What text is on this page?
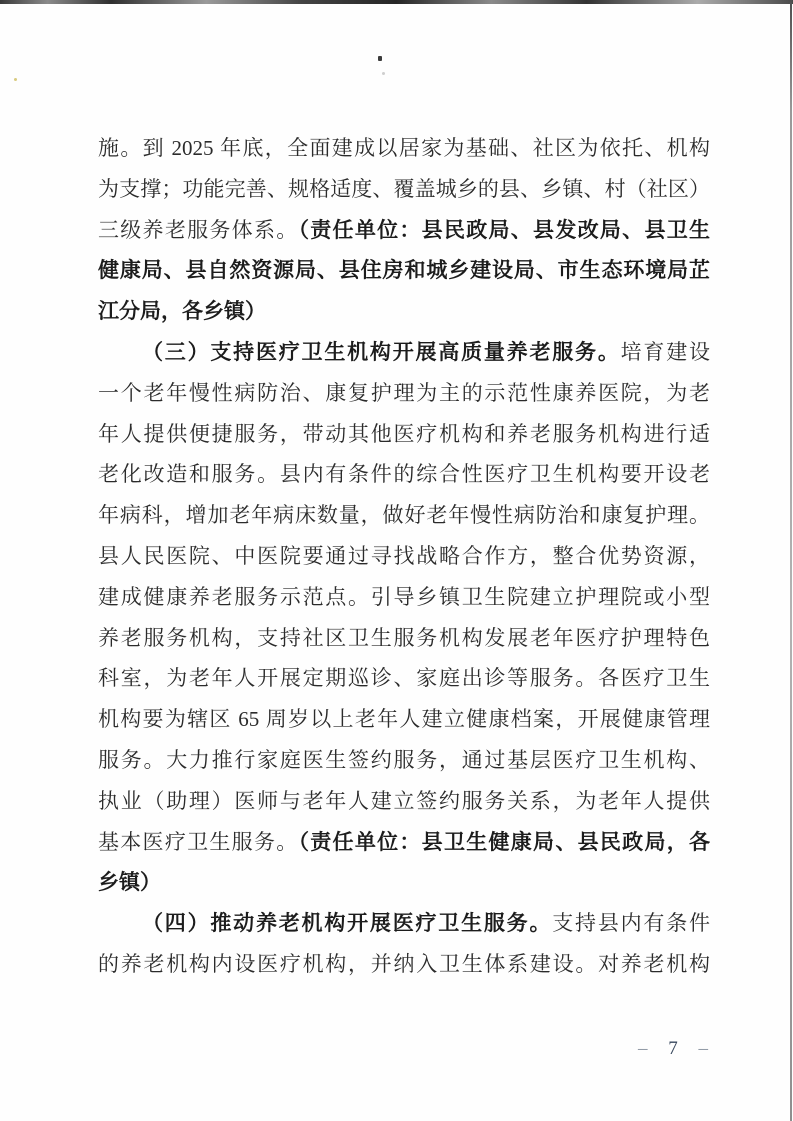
施。到 2025 年底，全面建成以居家为基础、社区为依托、机构
为支撑；功能完善、规格适度、覆盖城乡的县、乡镇、村（社区）
三级养老服务体系。（责任单位：县民政局、县发改局、县卫生
健康局、县自然资源局、县住房和城乡建设局、市生态环境局芷
江分局，各乡镇）
（三）支持医疗卫生机构开展高质量养老服务。培育建设
一个老年慢性病防治、康复护理为主的示范性康养医院，为老
年人提供便捷服务，带动其他医疗机构和养老服务机构进行适
老化改造和服务。县内有条件的综合性医疗卫生机构要开设老
年病科，增加老年病床数量，做好老年慢性病防治和康复护理。
县人民医院、中医院要通过寻找战略合作方，整合优势资源，
建成健康养老服务示范点。引导乡镇卫生院建立护理院或小型
养老服务机构，支持社区卫生服务机构发展老年医疗护理特色
科室，为老年人开展定期巡诊、家庭出诊等服务。各医疗卫生
机构要为辖区 65 周岁以上老年人建立健康档案，开展健康管理
服务。大力推行家庭医生签约服务，通过基层医疗卫生机构、
执业（助理）医师与老年人建立签约服务关系，为老年人提供
基本医疗卫生服务。（责任单位：县卫生健康局、县民政局，各
乡镇）
（四）推动养老机构开展医疗卫生服务。支持县内有条件
的养老机构内设医疗机构，并纳入卫生体系建设。对养老机构
– 7 –
